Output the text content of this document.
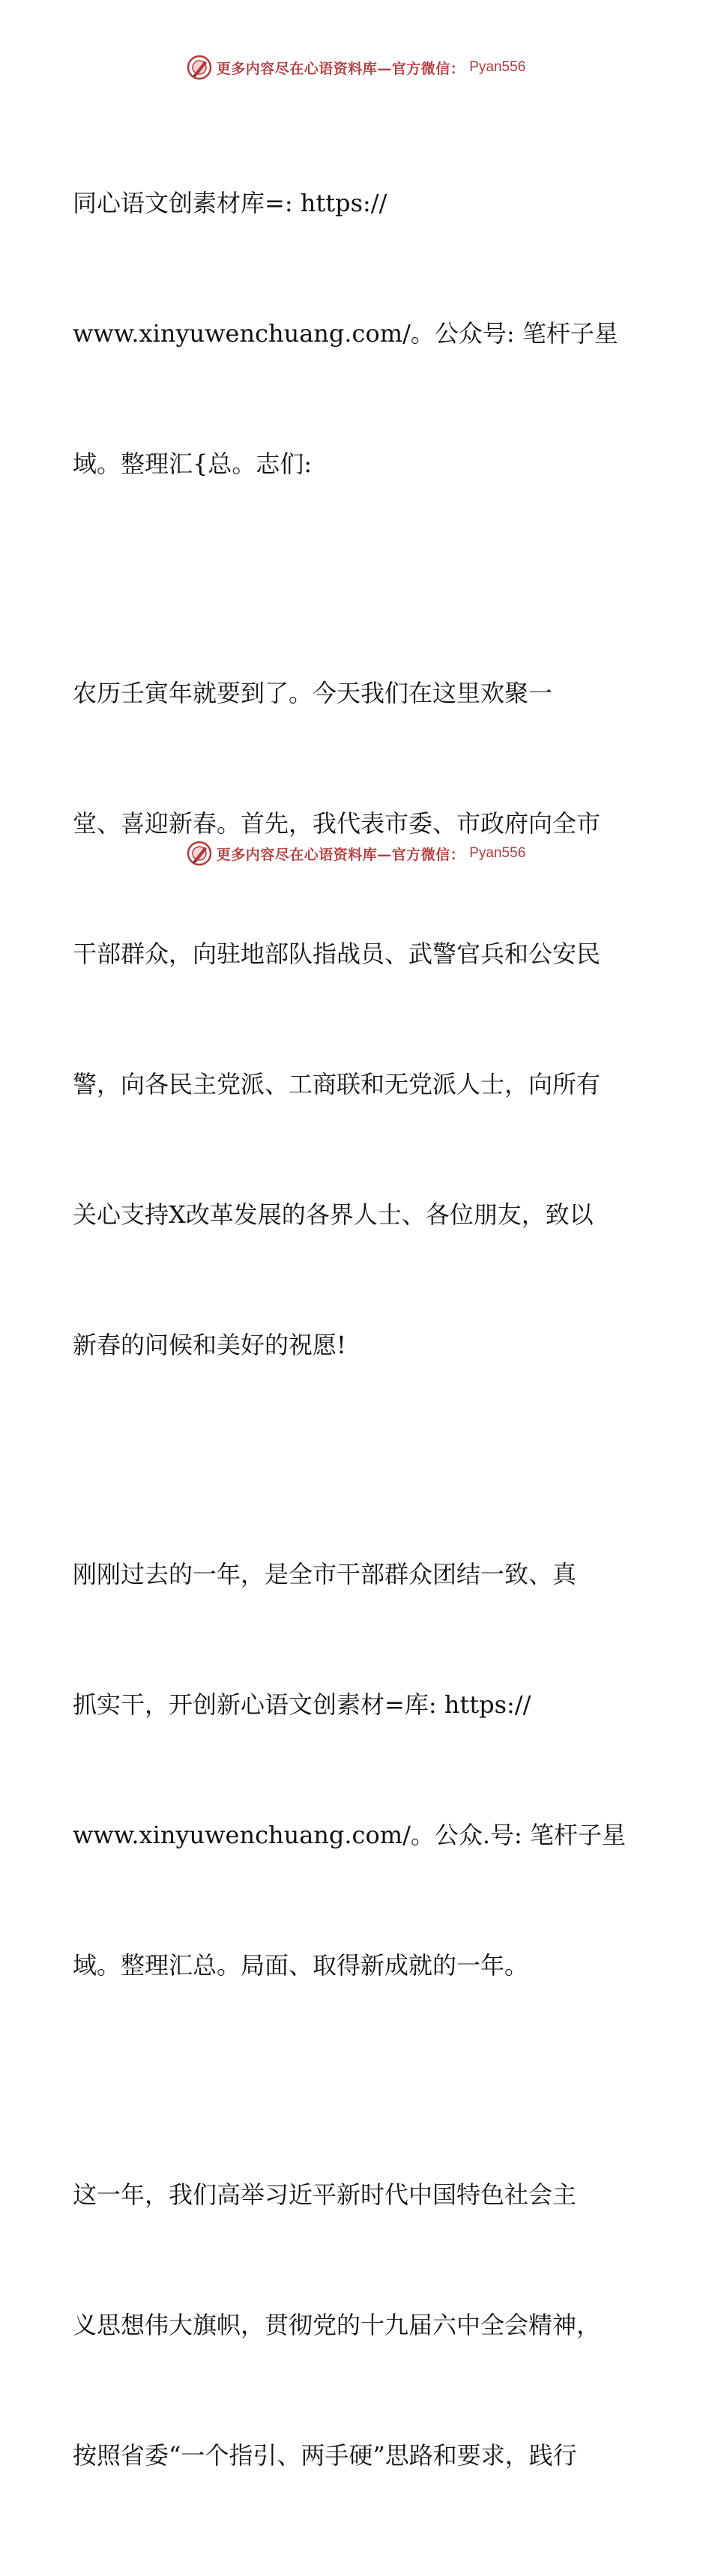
更多内容尽在心语资料库—官方微信： Pyan556

同心语文创素材库=: https://

www.xinyuwenchuang.com/。公众号: 笔杆子星

域。整理汇{总。志们:

农历壬寅年就要到了。今天我们在这里欢聚一

堂、喜迎新春。首先，我代表市委、市政府向全市

干部群众，向驻地部队指战员、武警官兵和公安民

警，向各民主党派、工商联和无党派人士，向所有

关心支持X改革发展的各界人士、各位朋友，致以

新春的问候和美好的祝愿!

刚刚过去的一年，是全市干部群众团结一致、真

抓实干，开创新心语文创素材=库: https://

www.xinyuwenchuang.com/。公众.号: 笔杆子星

域。整理汇总。局面、取得新成就的一年。

这一年，我们高举习近平新时代中国特色社会主

义思想伟大旗帜，贯彻党的十九届六中全会精神，

按照省委“一个指引、两手硬”思路和要求，践行

更多内容尽在心语资料库—官方微信： Pyan556
